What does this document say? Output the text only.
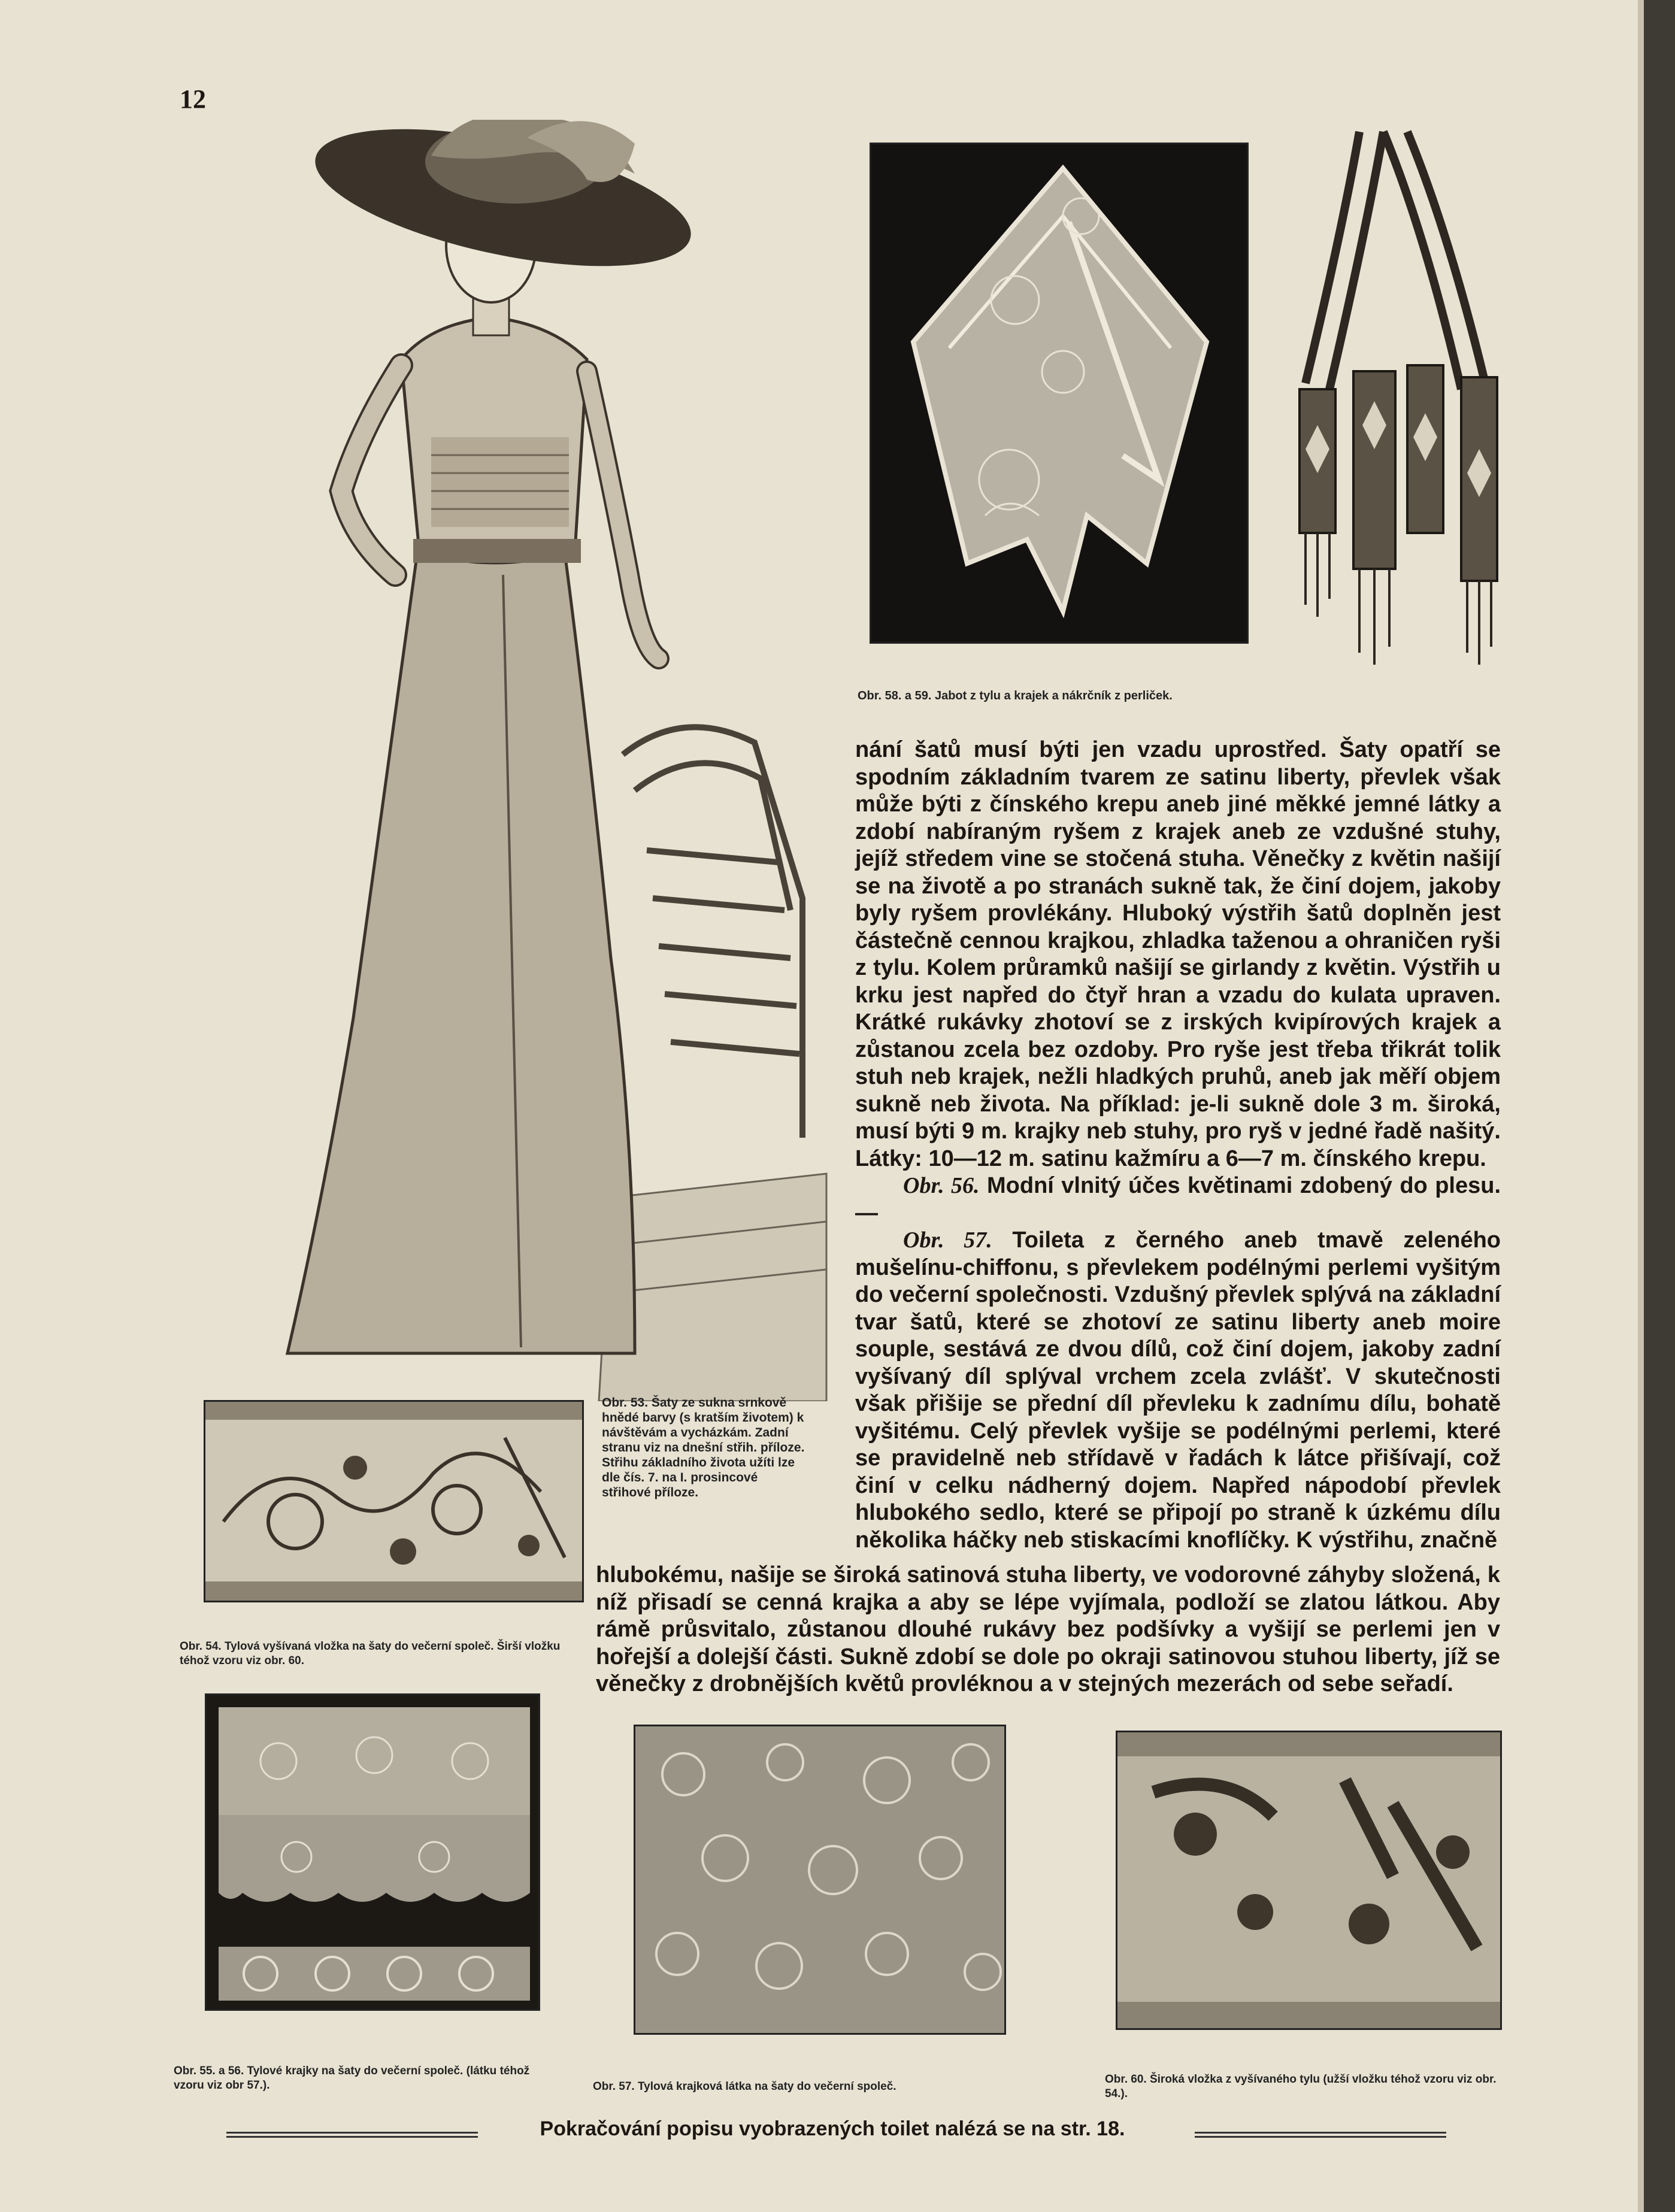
12
Obr. 58. a 59. Jabot z tylu a krajek a nákrčník z perliček.

nání šatů musí býti jen vzadu uprostřed. Šaty opatří se spodním základním tvarem ze satinu liberty, převlek však může býti z čínského krepu aneb jiné měkké jemné látky a zdobí nabíraným ryšem z krajek aneb ze vzdušné stuhy, jejíž středem vine se stočená stuha. Věnečky z květin našijí se na životě a po stranách sukně tak, že činí dojem, jakoby byly ryšem provlékány. Hluboký výstřih šatů doplněn jest částečně cennou krajkou, zhladka taženou a ohraničen ryši z tylu. Kolem průramků našijí se girlandy z květin. Výstřih u krku jest napřed do čtyř hran a vzadu do kulata upraven. Krátké rukávky zhotoví se z irských kvipírových krajek a zůstanou zcela bez ozdoby. Pro ryše jest třeba třikrát tolik stuh neb krajek, nežli hladkých pruhů, aneb jak měří objem sukně neb života. Na příklad: je-li sukně dole 3 m. široká, musí býti 9 m. krajky neb stuhy, pro ryš v jedné řadě našitý. Látky: 10—12 m. satinu kažmíru a 6—7 m. čínského krepu.

Obr. 56. Modní vlnitý účes květinami zdobený do plesu. —

Obr. 57. Toileta z černého aneb tmavě zeleného mušelínu-chiffonu, s převlekem podélnými perlemi vyšitým do večerní společnosti. Vzdušný převlek splývá na základní tvar šatů, které se zhotoví ze satinu liberty aneb moire souple, sestává ze dvou dílů, což činí dojem, jakoby zadní vyšívaný díl splýval vrchem zcela zvlášť. V skutečnosti však přišije se přední díl převleku k zadnímu dílu, bohatě vyšitému. Celý převlek vyšije se podélnými perlemi, které se pravidelně neb střídavě v řadách k látce přišívají, což činí v celku nádherný dojem. Napřed nápodobí převlek hlubokého sedlo, které se připojí po straně k úzkému dílu několika háčky neb stiskacími knoflíčky. K výstřihu, značně

Obr. 54. Tylová vyšívaná vložka na šaty do večerní společ. Širší vložku téhož vzoru viz obr. 60.
Obr. 53. Šaty ze sukna srnkově hnědé barvy (s kratším životem) k návštěvám a vycházkám. Zadní stranu viz na dnešní střih. příloze. Střihu základního života užíti lze dle čís. 7. na I. prosincové střihové příloze.
hlubokému, našije se široká satinová stuha liberty, ve vodorovné záhyby složená, k níž přisadí se cenná krajka a aby se lépe vyjímala, podloží se zlatou látkou. Aby rámě průsvitalo, zůstanou dlouhé rukávy bez podšívky a vyšijí se perlemi jen v hořejší a dolejší části. Sukně zdobí se dole po okraji satinovou stuhou liberty, jíž se věnečky z drobnějších květů provléknou a v stejných mezerách od sebe seřadí.
Obr. 55. a 56. Tylové krajky na šaty do večerní společ. (látku téhož vzoru viz obr 57.).	Obr. 57. Tylová krajková látka na šaty do večerní společ.
Obr. 60. Široká vložka z vyšívaného tylu (užší vložku téhož vzoru viz obr. 54.).
Pokračování popisu vyobrazených toilet nalézá se na str. 18.
